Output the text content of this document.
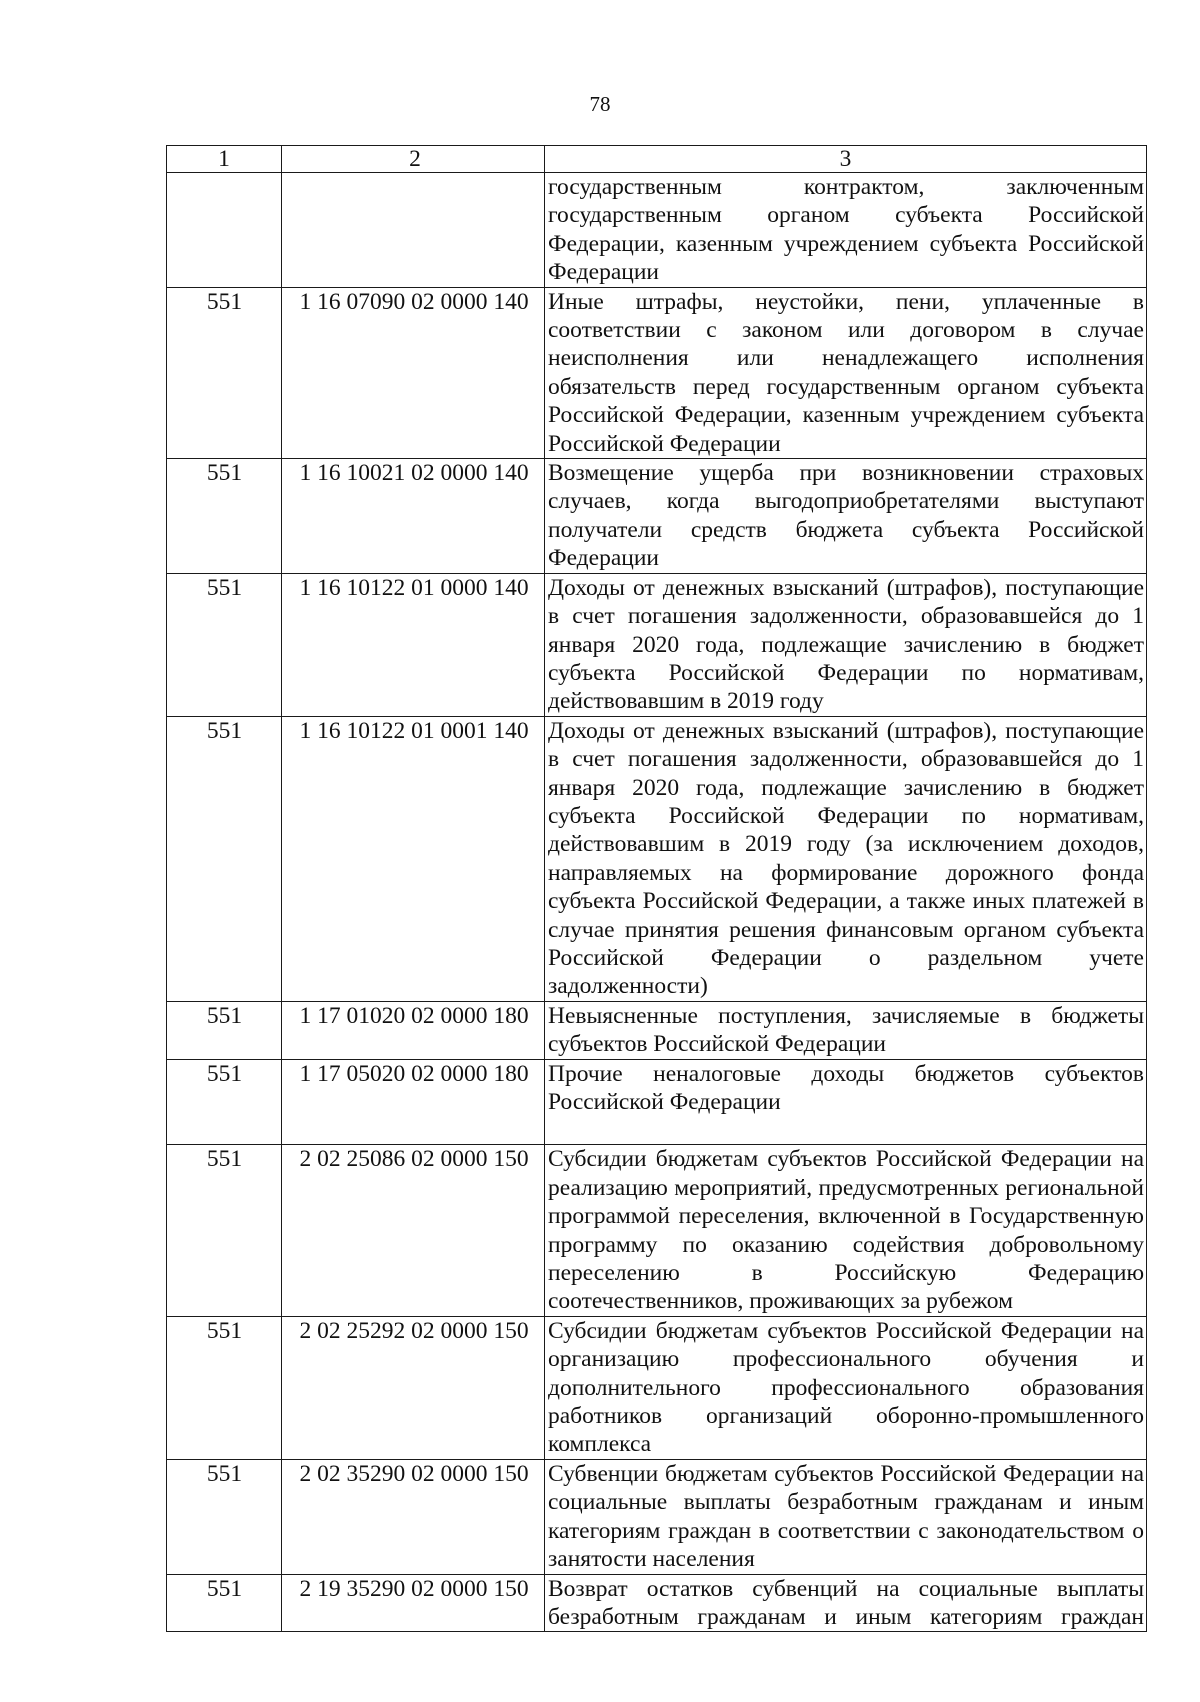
78
1	2	3
		государственным контрактом, заключенным государственным органом субъекта Российской Федерации, казенным учреждением субъекта Российской Федерации
551	1 16 07090 02 0000 140	Иные штрафы, неустойки, пени, уплаченные в соответствии с законом или договором в случае неисполнения или ненадлежащего исполнения обязательств перед государственным органом субъекта Российской Федерации, казенным учреждением субъекта Российской Федерации
551	1 16 10021 02 0000 140	Возмещение ущерба при возникновении страховых случаев, когда выгодоприобретателями выступают получатели средств бюджета субъекта Российской Федерации
551	1 16 10122 01 0000 140	Доходы от денежных взысканий (штрафов), поступающие в счет погашения задолженности, образовавшейся до 1 января 2020 года, подлежащие зачислению в бюджет субъекта Российской Федерации по нормативам, действовавшим в 2019 году
551	1 16 10122 01 0001 140	Доходы от денежных взысканий (штрафов), поступающие в счет погашения задолженности, образовавшейся до 1 января 2020 года, подлежащие зачислению в бюджет субъекта Российской Федерации по нормативам, действовавшим в 2019 году (за исключением доходов, направляемых на формирование дорожного фонда субъекта Российской Федерации, а также иных платежей в случае принятия решения финансовым органом субъекта Российской Федерации о раздельном учете задолженности)
551	1 17 01020 02 0000 180	Невыясненные поступления, зачисляемые в бюджеты субъектов Российской Федерации
551	1 17 05020 02 0000 180	Прочие неналоговые доходы бюджетов субъектов Российской Федерации
551	2 02 25086 02 0000 150	Субсидии бюджетам субъектов Российской Федерации на реализацию мероприятий, предусмотренных региональной программой переселения, включенной в Государственную программу по оказанию содействия добровольному переселению в Российскую Федерацию соотечественников, проживающих за рубежом
551	2 02 25292 02 0000 150	Субсидии бюджетам субъектов Российской Федерации на организацию профессионального обучения и дополнительного профессионального образования работников организаций оборонно-промышленного комплекса
551	2 02 35290 02 0000 150	Субвенции бюджетам субъектов Российской Федерации на социальные выплаты безработным гражданам и иным категориям граждан в соответствии с законодательством о занятости населения
551	2 19 35290 02 0000 150	Возврат остатков субвенций на социальные выплаты безработным гражданам и иным категориям граждан
